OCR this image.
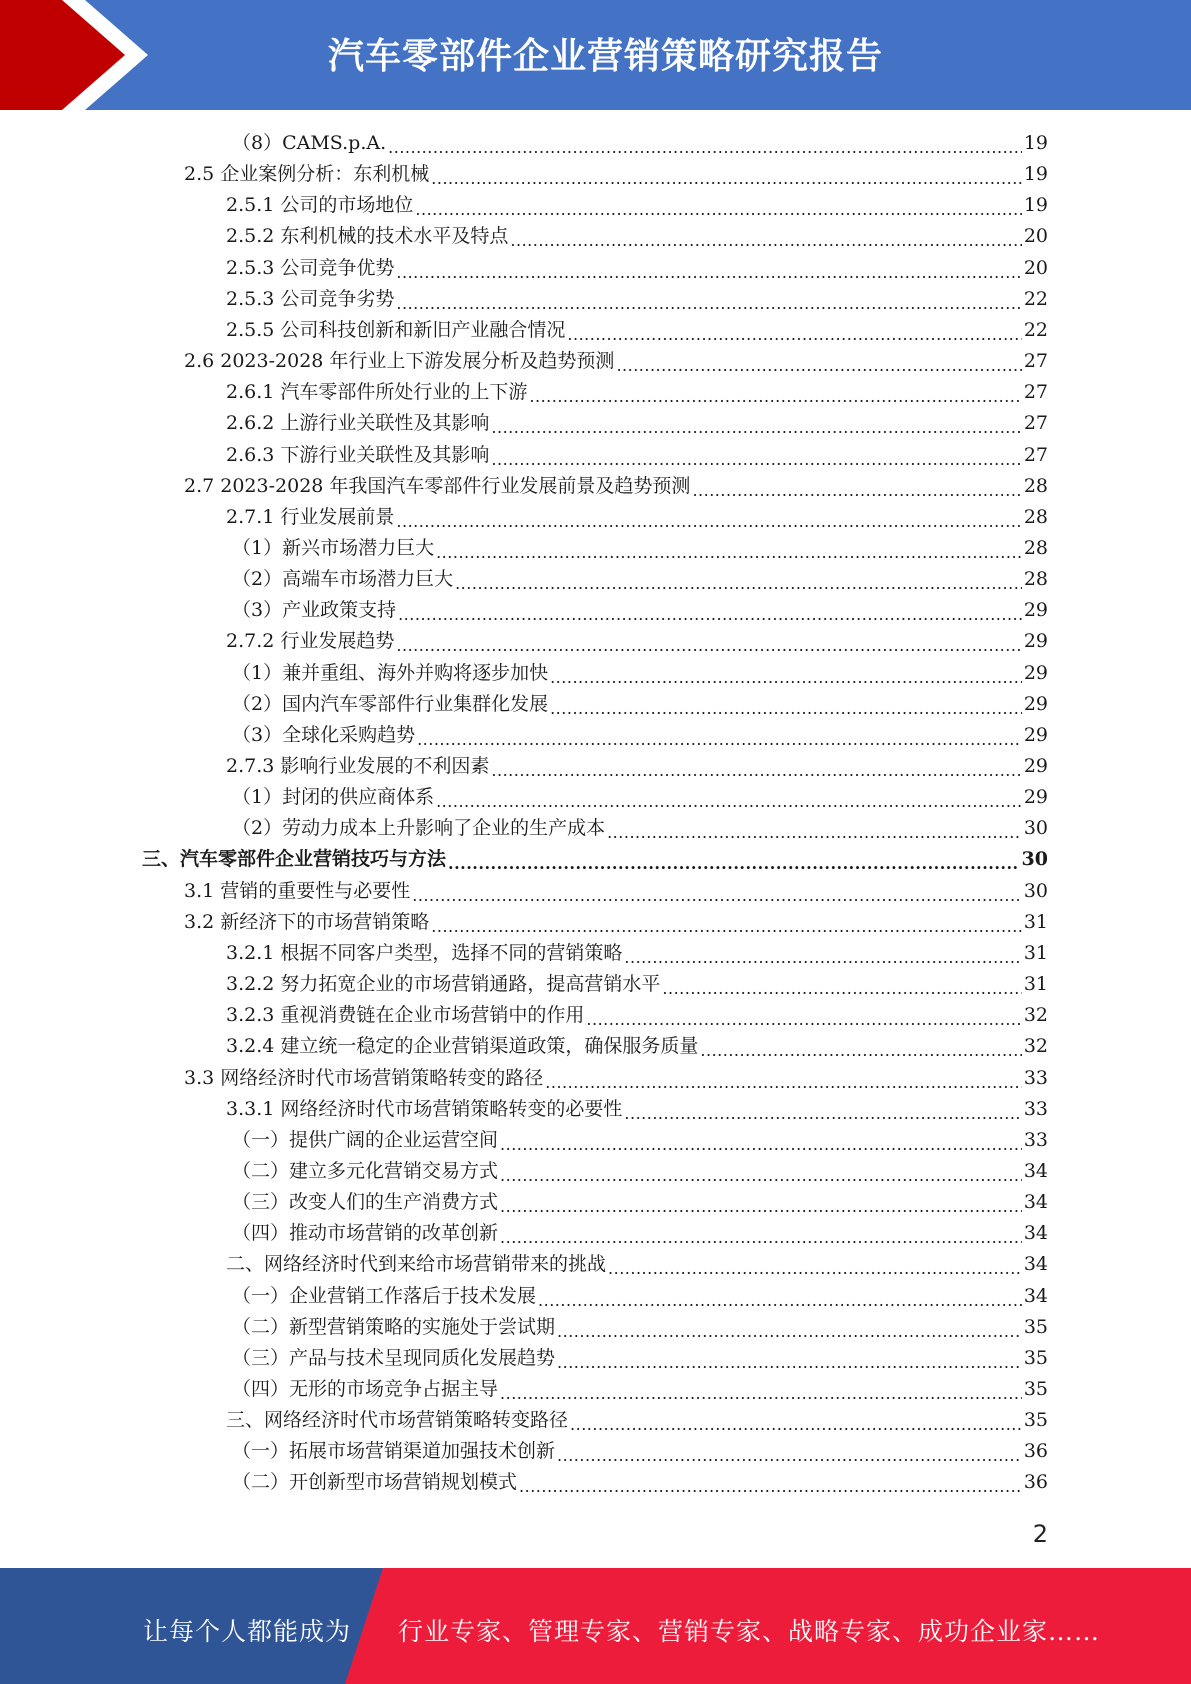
汽车零部件企业营销策略研究报告
（8）CAMS.p.A. .....	19
2.5 企业案例分析：东利机械 .....	19
2.5.1 公司的市场地位 .....	19
2.5.2 东利机械的技术水平及特点 .....	20
2.5.3 公司竞争优势 .....	20
2.5.3 公司竞争劣势 .....	22
2.5.5 公司科技创新和新旧产业融合情况 .....	22
2.6 2023-2028 年行业上下游发展分析及趋势预测 .....	27
2.6.1 汽车零部件所处行业的上下游 .....	27
2.6.2 上游行业关联性及其影响 .....	27
2.6.3 下游行业关联性及其影响 .....	27
2.7 2023-2028 年我国汽车零部件行业发展前景及趋势预测 .....	28
2.7.1 行业发展前景 .....	28
（1）新兴市场潜力巨大 .....	28
（2）高端车市场潜力巨大 .....	28
（3）产业政策支持 .....	29
2.7.2 行业发展趋势 .....	29
（1）兼并重组、海外并购将逐步加快 .....	29
（2）国内汽车零部件行业集群化发展 .....	29
（3）全球化采购趋势 .....	29
2.7.3 影响行业发展的不利因素 .....	29
（1）封闭的供应商体系 .....	29
（2）劳动力成本上升影响了企业的生产成本 .....	30
三、汽车零部件企业营销技巧与方法 .....	30
3.1 营销的重要性与必要性 .....	30
3.2 新经济下的市场营销策略 .....	31
3.2.1 根据不同客户类型，选择不同的营销策略 .....	31
3.2.2 努力拓宽企业的市场营销通路，提高营销水平 .....	31
3.2.3 重视消费链在企业市场营销中的作用 .....	32
3.2.4 建立统一稳定的企业营销渠道政策，确保服务质量 .....	32
3.3 网络经济时代市场营销策略转变的路径 .....	33
3.3.1 网络经济时代市场营销策略转变的必要性 .....	33
（一）提供广阔的企业运营空间 .....	33
（二）建立多元化营销交易方式 .....	34
（三）改变人们的生产消费方式 .....	34
（四）推动市场营销的改革创新 .....	34
二、网络经济时代到来给市场营销带来的挑战 .....	34
（一）企业营销工作落后于技术发展 .....	34
（二）新型营销策略的实施处于尝试期 .....	35
（三）产品与技术呈现同质化发展趋势 .....	35
（四）无形的市场竞争占据主导 .....	35
三、网络经济时代市场营销策略转变路径 .....	35
（一）拓展市场营销渠道加强技术创新 .....	36
（二）开创新型市场营销规划模式 .....	36
2
让每个人都能成为 行业专家、管理专家、营销专家、战略专家、成功企业家……
